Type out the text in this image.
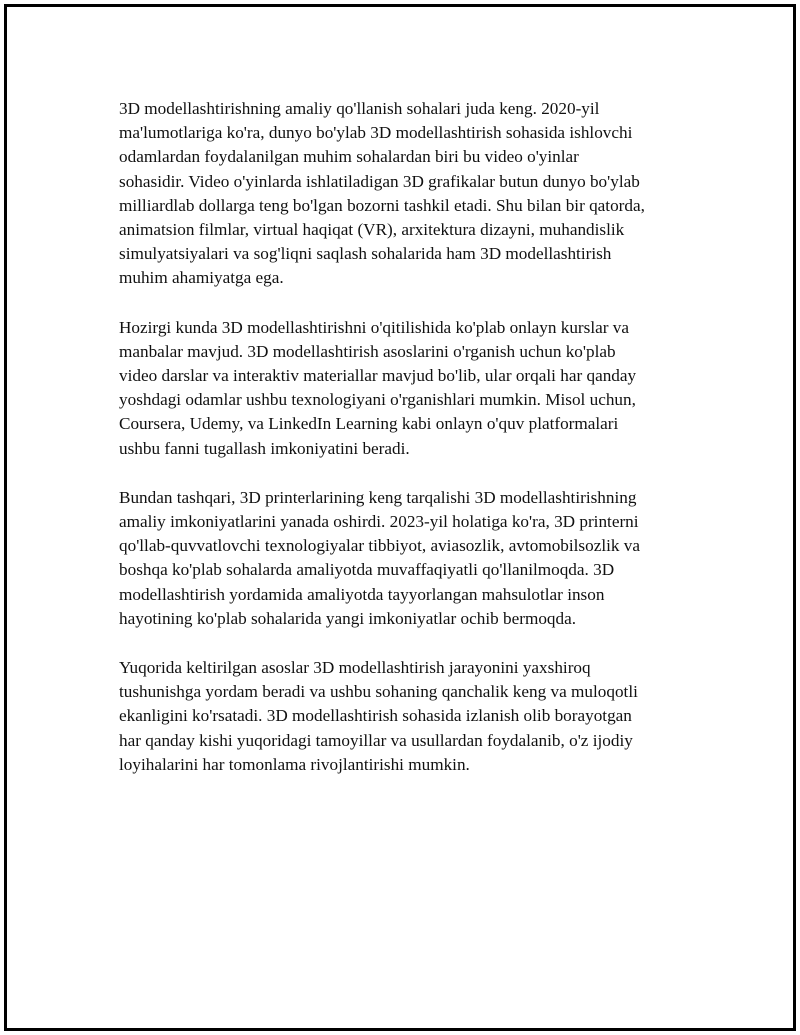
3D modellashtirishning amaliy qo'llanish sohalari juda keng. 2020-yil
ma'lumotlariga ko'ra, dunyo bo'ylab 3D modellashtirish sohasida ishlovchi
odamlardan foydalanilgan muhim sohalardan biri bu video o'yinlar
sohasidir. Video o'yinlarda ishlatiladigan 3D grafikalar butun dunyo bo'ylab
milliardlab dollarga teng bo'lgan bozorni tashkil etadi. Shu bilan bir qatorda,
animatsion filmlar, virtual haqiqat (VR), arxitektura dizayni, muhandislik
simulyatsiyalari va sog'liqni saqlash sohalarida ham 3D modellashtirish
muhim ahamiyatga ega.

Hozirgi kunda 3D modellashtirishni o'qitilishida ko'plab onlayn kurslar va
manbalar mavjud. 3D modellashtirish asoslarini o'rganish uchun ko'plab
video darslar va interaktiv materiallar mavjud bo'lib, ular orqali har qanday
yoshdagi odamlar ushbu texnologiyani o'rganishlari mumkin. Misol uchun,
Coursera, Udemy, va LinkedIn Learning kabi onlayn o'quv platformalari
ushbu fanni tugallash imkoniyatini beradi.

Bundan tashqari, 3D printerlarining keng tarqalishi 3D modellashtirishning
amaliy imkoniyatlarini yanada oshirdi. 2023-yil holatiga ko'ra, 3D printerni
qo'llab-quvvatlovchi texnologiyalar tibbiyot, aviasozlik, avtomobilsozlik va
boshqa ko'plab sohalarda amaliyotda muvaffaqiyatli qo'llanilmoqda. 3D
modellashtirish yordamida amaliyotda tayyorlangan mahsulotlar inson
hayotining ko'plab sohalarida yangi imkoniyatlar ochib bermoqda.

Yuqorida keltirilgan asoslar 3D modellashtirish jarayonini yaxshiroq
tushunishga yordam beradi va ushbu sohaning qanchalik keng va muloqotli
ekanligini ko'rsatadi. 3D modellashtirish sohasida izlanish olib borayotgan
har qanday kishi yuqoridagi tamoyillar va usullardan foydalanib, o'z ijodiy
loyihalarini har tomonlama rivojlantirishi mumkin.
